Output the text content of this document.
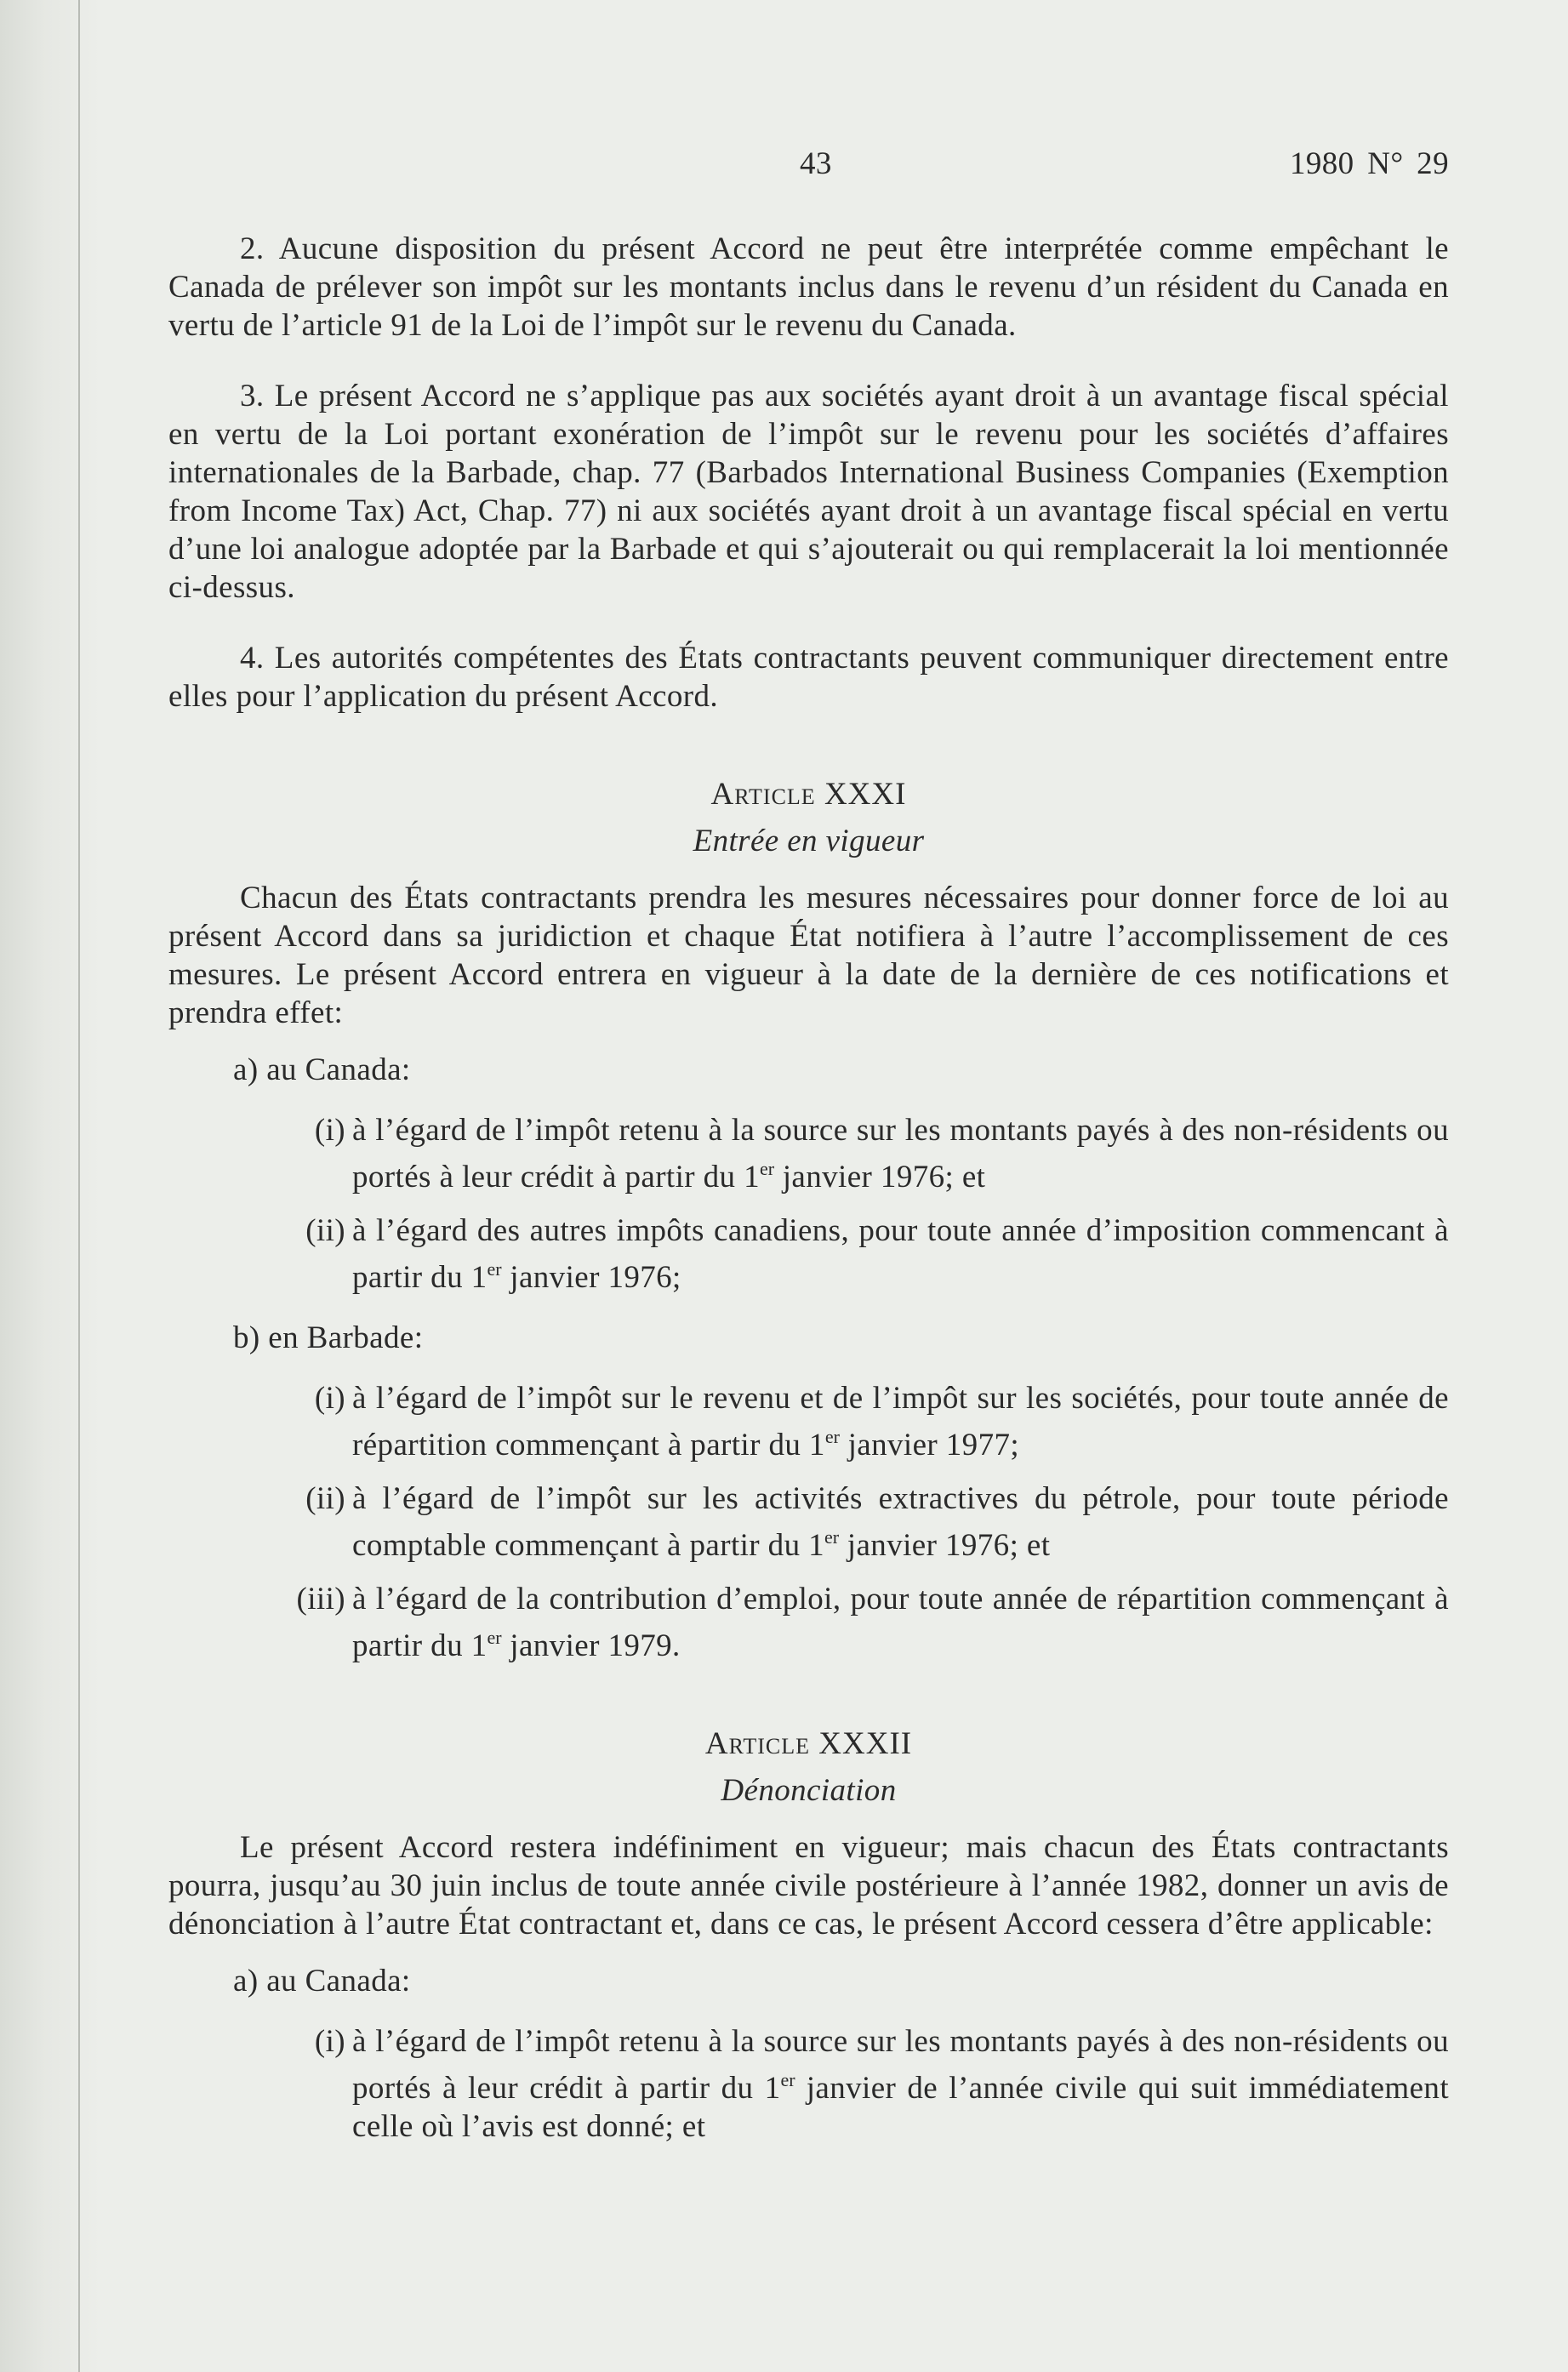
43	1980 N° 29

2. Aucune disposition du présent Accord ne peut être interprétée comme empêchant le Canada de prélever son impôt sur les montants inclus dans le revenu d’un résident du Canada en vertu de l’article 91 de la Loi de l’impôt sur le revenu du Canada.

3. Le présent Accord ne s’applique pas aux sociétés ayant droit à un avantage fiscal spécial en vertu de la Loi portant exonération de l’impôt sur le revenu pour les sociétés d’affaires internationales de la Barbade, chap. 77 (Barbados International Business Companies (Exemption from Income Tax) Act, Chap. 77) ni aux sociétés ayant droit à un avantage fiscal spécial en vertu d’une loi analogue adoptée par la Barbade et qui s’ajouterait ou qui remplacerait la loi mentionnée ci-dessus.

4. Les autorités compétentes des États contractants peuvent communiquer directement entre elles pour l’application du présent Accord.

Article XXXI
Entrée en vigueur

Chacun des États contractants prendra les mesures nécessaires pour donner force de loi au présent Accord dans sa juridiction et chaque État notifiera à l’autre l’accomplissement de ces mesures. Le présent Accord entrera en vigueur à la date de la dernière de ces notifications et prendra effet:

a) au Canada:
(i) à l’égard de l’impôt retenu à la source sur les montants payés à des non-résidents ou portés à leur crédit à partir du 1er janvier 1976; et
(ii) à l’égard des autres impôts canadiens, pour toute année d’imposition commencant à partir du 1er janvier 1976;
b) en Barbade:
(i) à l’égard de l’impôt sur le revenu et de l’impôt sur les sociétés, pour toute année de répartition commençant à partir du 1er janvier 1977;
(ii) à l’égard de l’impôt sur les activités extractives du pétrole, pour toute période comptable commençant à partir du 1er janvier 1976; et
(iii) à l’égard de la contribution d’emploi, pour toute année de répartition commençant à partir du 1er janvier 1979.
Article XXXII
Dénonciation

Le présent Accord restera indéfiniment en vigueur; mais chacun des États contractants pourra, jusqu’au 30 juin inclus de toute année civile postérieure à l’année 1982, donner un avis de dénonciation à l’autre État contractant et, dans ce cas, le présent Accord cessera d’être applicable:

a) au Canada:
(i) à l’égard de l’impôt retenu à la source sur les montants payés à des non-résidents ou portés à leur crédit à partir du 1er janvier de l’année civile qui suit immédiatement celle où l’avis est donné; et
